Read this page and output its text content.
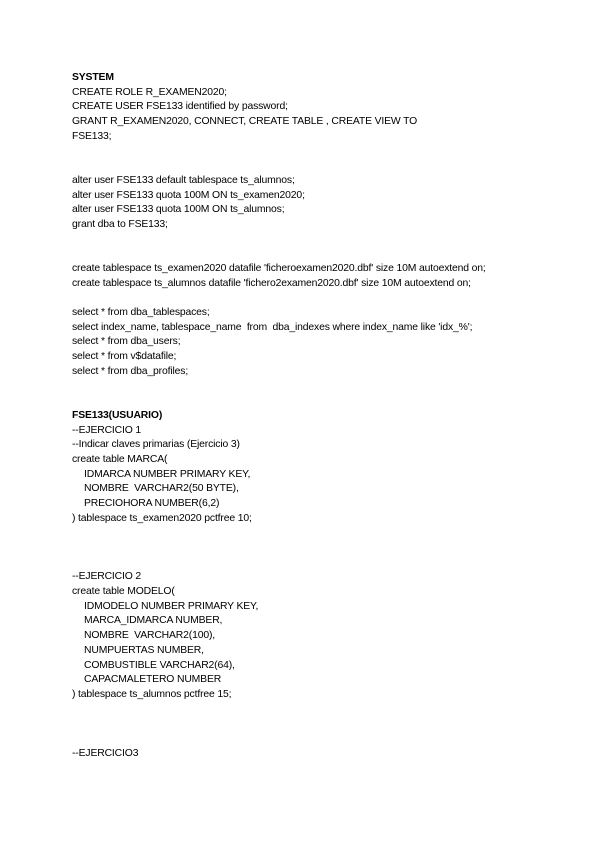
SYSTEM
CREATE ROLE R_EXAMEN2020;
CREATE USER FSE133 identified by password;
GRANT R_EXAMEN2020, CONNECT, CREATE TABLE , CREATE VIEW TO FSE133;
alter user FSE133 default tablespace ts_alumnos;
alter user FSE133 quota 100M ON ts_examen2020;
alter user FSE133 quota 100M ON ts_alumnos;
grant dba to FSE133;
create tablespace ts_examen2020 datafile 'ficheroexamen2020.dbf' size 10M autoextend on;
create tablespace ts_alumnos datafile 'fichero2examen2020.dbf' size 10M autoextend on;
select * from dba_tablespaces;
select index_name, tablespace_name  from  dba_indexes where index_name like 'idx_%';
select * from dba_users;
select * from v$datafile;
select * from dba_profiles;
FSE133(USUARIO)
--EJERCICIO 1
--Indicar claves primarias (Ejercicio 3)
create table MARCA(
IDMARCA NUMBER PRIMARY KEY,
NOMBRE  VARCHAR2(50 BYTE),
PRECIOHORA NUMBER(6,2)
) tablespace ts_examen2020 pctfree 10;
--EJERCICIO 2
create table MODELO(
IDMODELO NUMBER PRIMARY KEY,
MARCA_IDMARCA NUMBER,
NOMBRE  VARCHAR2(100),
NUMPUERTAS NUMBER,
COMBUSTIBLE VARCHAR2(64),
CAPACMALETERO NUMBER
) tablespace ts_alumnos pctfree 15;
--EJERCICIO3
